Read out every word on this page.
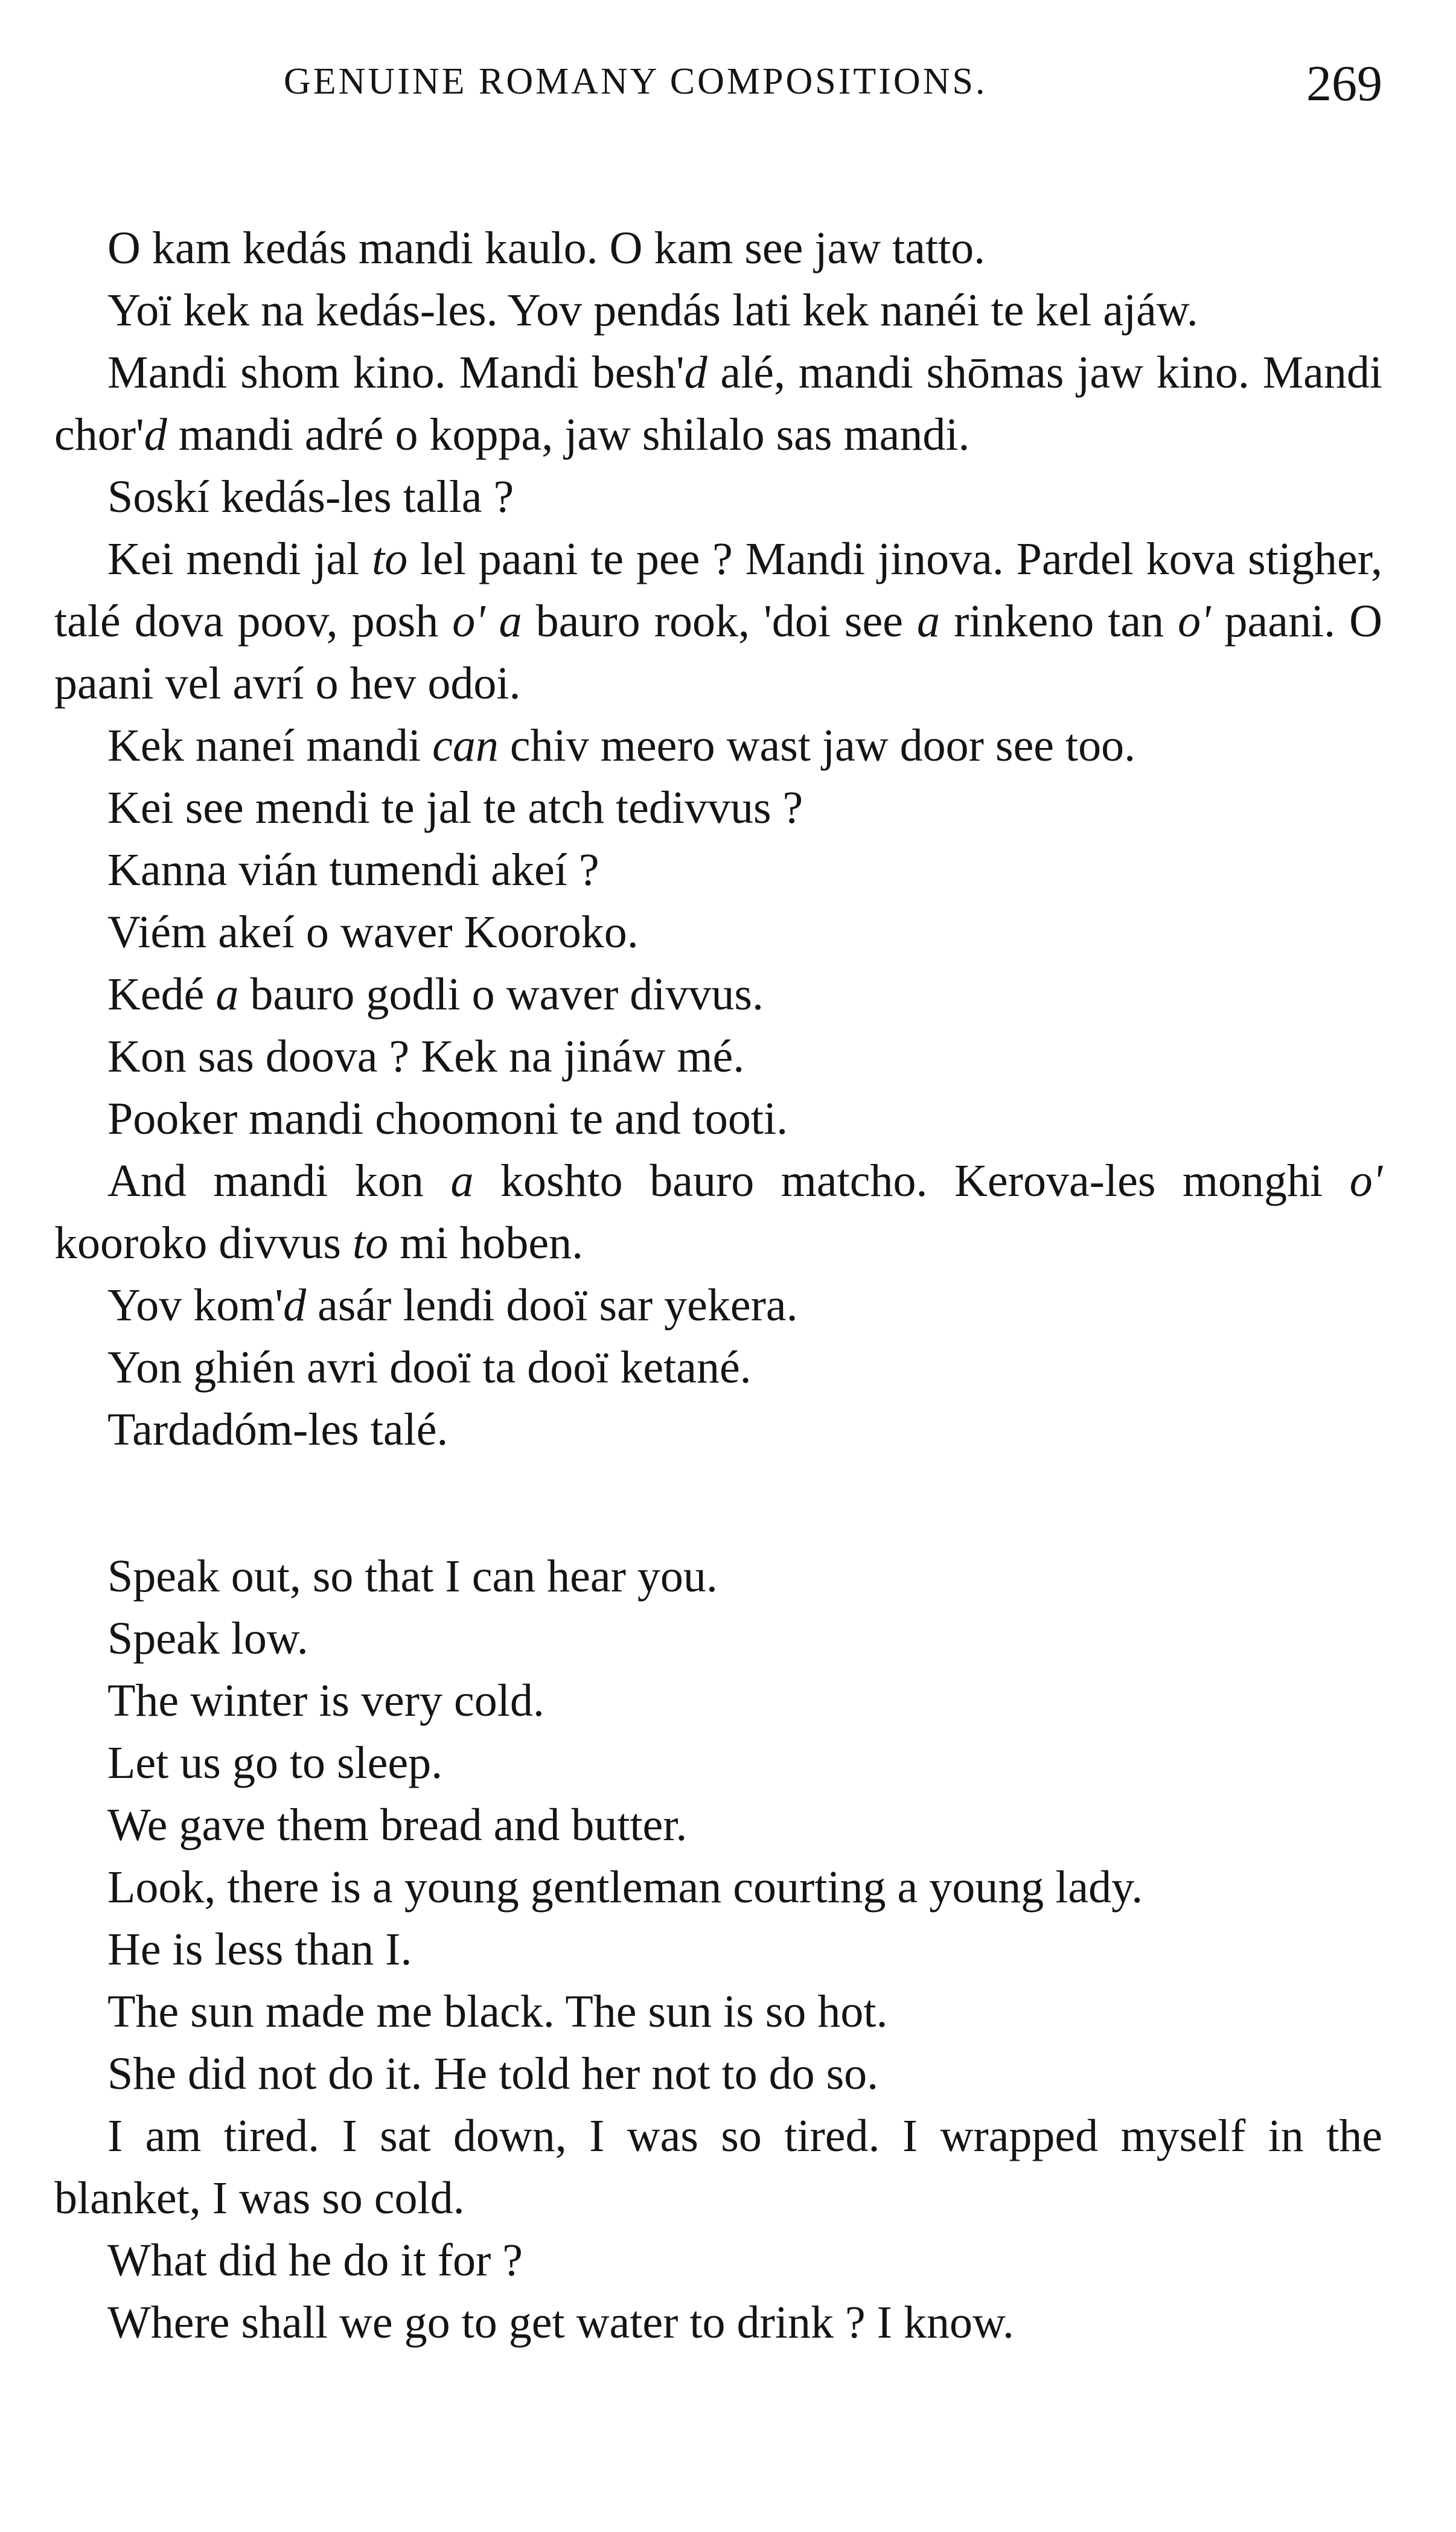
GENUINE ROMANY COMPOSITIONS.	269

O kam kedás mandi kaulo. O kam see jaw tatto.

Yoï kek na kedás-les. Yov pendás lati kek nanéi te kel ajáw.

Mandi shom kino. Mandi besh'd alé, mandi shōmas jaw kino. Mandi chor'd mandi adré o koppa, jaw shilalo sas mandi.

Soskí kedás-les talla ?

Kei mendi jal to lel paani te pee ? Mandi jinova. Pardel kova stigher, talé dova poov, posh o' a bauro rook, 'doi see a rinkeno tan o' paani. O paani vel avrí o hev odoi.

Kek naneí mandi can chiv meero wast jaw door see too.

Kei see mendi te jal te atch tedivvus ?

Kanna vián tumendi akeí ?

Viém akeí o waver Kooroko.

Kedé a bauro godli o waver divvus.

Kon sas doova ? Kek na jináw mé.

Pooker mandi choomoni te and tooti.

And mandi kon a koshto bauro matcho. Kerova-les monghi o' kooroko divvus to mi hoben.

Yov kom'd asár lendi dooï sar yekera.

Yon ghién avri dooï ta dooï ketané.

Tardadóm-les talé.

Speak out, so that I can hear you.

Speak low.

The winter is very cold.

Let us go to sleep.

We gave them bread and butter.

Look, there is a young gentleman courting a young lady.

He is less than I.

The sun made me black. The sun is so hot.

She did not do it. He told her not to do so.

I am tired. I sat down, I was so tired. I wrapped myself in the blanket, I was so cold.

What did he do it for ?

Where shall we go to get water to drink ? I know.
